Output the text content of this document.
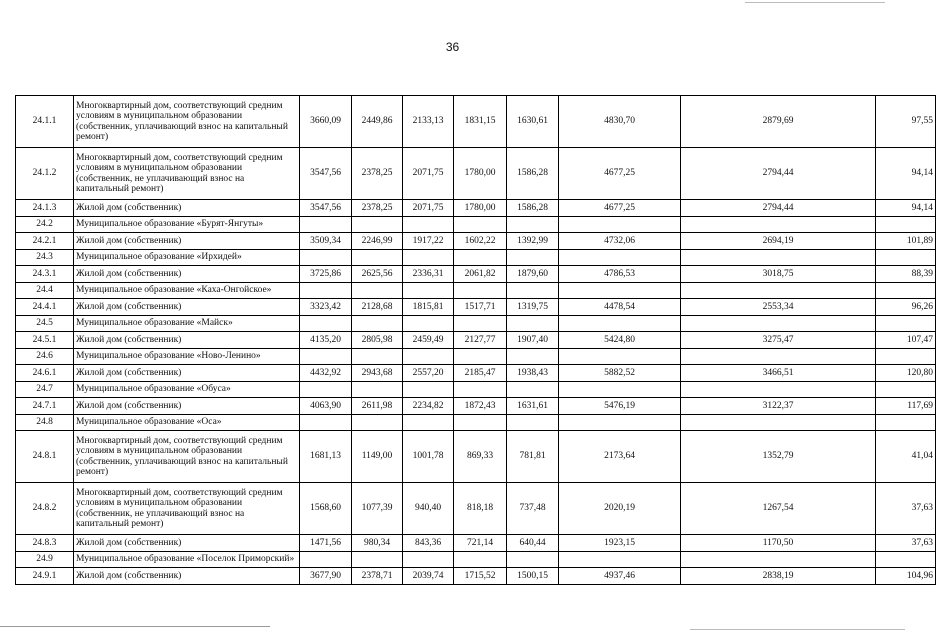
36
24.1.1	Многоквартирный дом, соответствующий средним условиям в муниципальном образовании (собственник, уплачивающий взнос на капитальный ремонт)	3660,09	2449,86	2133,13	1831,15	1630,61	4830,70	2879,69	97,55
24.1.2	Многоквартирный дом, соответствующий средним условиям в муниципальном образовании (собственник, не уплачивающий взнос на капитальный ремонт)	3547,56	2378,25	2071,75	1780,00	1586,28	4677,25	2794,44	94,14
24.1.3	Жилой дом (собственник)	3547,56	2378,25	2071,75	1780,00	1586,28	4677,25	2794,44	94,14
24.2	Муниципальное образование «Бурят-Янгуты»								
24.2.1	Жилой дом (собственник)	3509,34	2246,99	1917,22	1602,22	1392,99	4732,06	2694,19	101,89
24.3	Муниципальное образование «Ирхидей»								
24.3.1	Жилой дом (собственник)	3725,86	2625,56	2336,31	2061,82	1879,60	4786,53	3018,75	88,39
24.4	Муниципальное образование «Каха-Онгойское»								
24.4.1	Жилой дом (собственник)	3323,42	2128,68	1815,81	1517,71	1319,75	4478,54	2553,34	96,26
24.5	Муниципальное образование «Майск»								
24.5.1	Жилой дом (собственник)	4135,20	2805,98	2459,49	2127,77	1907,40	5424,80	3275,47	107,47
24.6	Муниципальное образование «Ново-Ленино»								
24.6.1	Жилой дом (собственник)	4432,92	2943,68	2557,20	2185,47	1938,43	5882,52	3466,51	120,80
24.7	Муниципальное образование «Обуса»								
24.7.1	Жилой дом (собственник)	4063,90	2611,98	2234,82	1872,43	1631,61	5476,19	3122,37	117,69
24.8	Муниципальное образование «Оса»								
24.8.1	Многоквартирный дом, соответствующий средним условиям в муниципальном образовании (собственник, уплачивающий взнос на капитальный ремонт)	1681,13	1149,00	1001,78	869,33	781,81	2173,64	1352,79	41,04
24.8.2	Многоквартирный дом, соответствующий средним условиям в муниципальном образовании (собственник, не уплачивающий взнос на капитальный ремонт)	1568,60	1077,39	940,40	818,18	737,48	2020,19	1267,54	37,63
24.8.3	Жилой дом (собственник)	1471,56	980,34	843,36	721,14	640,44	1923,15	1170,50	37,63
24.9	Муниципальное образование «Поселок Приморский»								
24.9.1	Жилой дом (собственник)	3677,90	2378,71	2039,74	1715,52	1500,15	4937,46	2838,19	104,96
